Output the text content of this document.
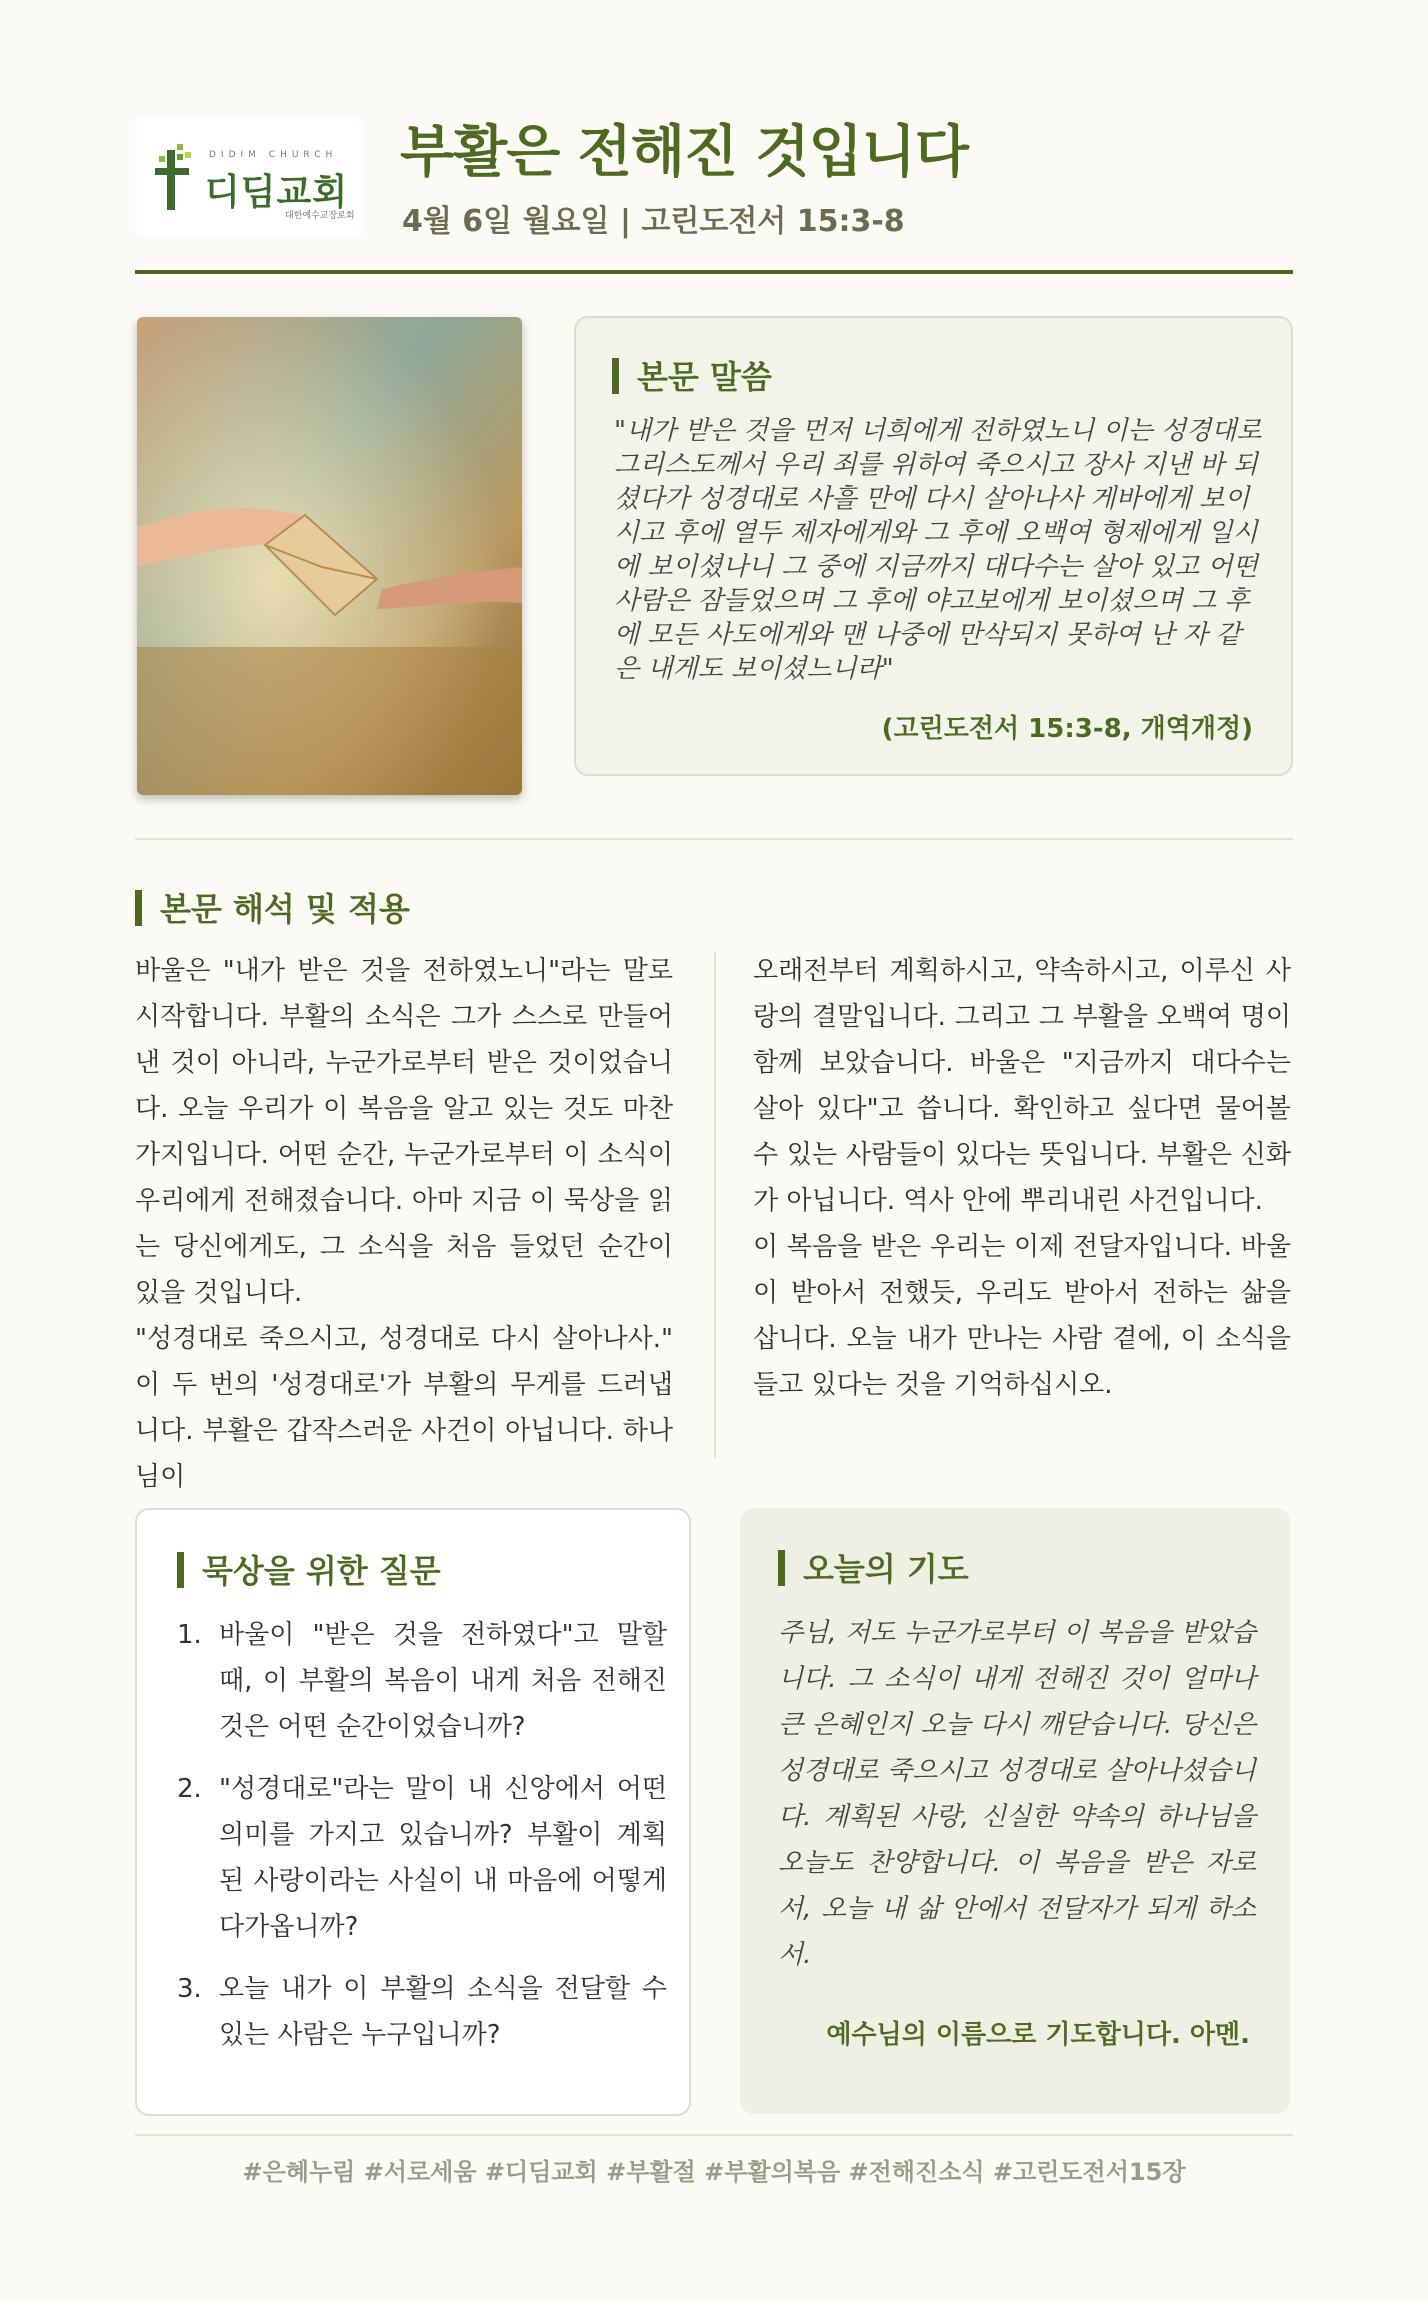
DIDIM CHURCH
디딤교회
대한예수교장로회
부활은 전해진 것입니다
4월 6일 월요일 | 고린도전서 15:3-8
본문 말씀
"내가 받은 것을 먼저 너희에게 전하였노니 이는 성경대로 그리스도께서 우리 죄를 위하여 죽으시고 장사 지낸 바 되셨다가 성경대로 사흘 만에 다시 살아나사 게바에게 보이시고 후에 열두 제자에게와 그 후에 오백여 형제에게 일시에 보이셨나니 그 중에 지금까지 대다수는 살아 있고 어떤 사람은 잠들었으며 그 후에 야고보에게 보이셨으며 그 후에 모든 사도에게와 맨 나중에 만삭되지 못하여 난 자 같은 내게도 보이셨느니라"
(고린도전서 15:3-8, 개역개정)
본문 해석 및 적용

바울은 "내가 받은 것을 전하였노니"라는 말로 시작합니다. 부활의 소식은 그가 스스로 만들어낸 것이 아니라, 누군가로부터 받은 것이었습니다. 오늘 우리가 이 복음을 알고 있는 것도 마찬가지입니다. 어떤 순간, 누군가로부터 이 소식이 우리에게 전해졌습니다. 아마 지금 이 묵상을 읽는 당신에게도, 그 소식을 처음 들었던 순간이 있을 것입니다.

"성경대로 죽으시고, 성경대로 다시 살아나사." 이 두 번의 '성경대로'가 부활의 무게를 드러냅니다. 부활은 갑작스러운 사건이 아닙니다. 하나님이

오래전부터 계획하시고, 약속하시고, 이루신 사랑의 결말입니다. 그리고 그 부활을 오백여 명이 함께 보았습니다. 바울은 "지금까지 대다수는 살아 있다"고 씁니다. 확인하고 싶다면 물어볼 수 있는 사람들이 있다는 뜻입니다. 부활은 신화가 아닙니다. 역사 안에 뿌리내린 사건입니다.

이 복음을 받은 우리는 이제 전달자입니다. 바울이 받아서 전했듯, 우리도 받아서 전하는 삶을 삽니다. 오늘 내가 만나는 사람 곁에, 이 소식을 들고 있다는 것을 기억하십시오.

묵상을 위한 질문
1. 바울이 "받은 것을 전하였다"고 말할 때, 이 부활의 복음이 내게 처음 전해진 것은 어떤 순간이었습니까?
2. "성경대로"라는 말이 내 신앙에서 어떤 의미를 가지고 있습니까? 부활이 계획된 사랑이라는 사실이 내 마음에 어떻게 다가옵니까?
3. 오늘 내가 이 부활의 소식을 전달할 수 있는 사람은 누구입니까?
오늘의 기도
주님, 저도 누군가로부터 이 복음을 받았습니다. 그 소식이 내게 전해진 것이 얼마나 큰 은혜인지 오늘 다시 깨닫습니다. 당신은 성경대로 죽으시고 성경대로 살아나셨습니다. 계획된 사랑, 신실한 약속의 하나님을 오늘도 찬양합니다. 이 복음을 받은 자로서, 오늘 내 삶 안에서 전달자가 되게 하소서.
예수님의 이름으로 기도합니다. 아멘.
#은혜누림 #서로세움 #디딤교회 #부활절 #부활의복음 #전해진소식 #고린도전서15장
